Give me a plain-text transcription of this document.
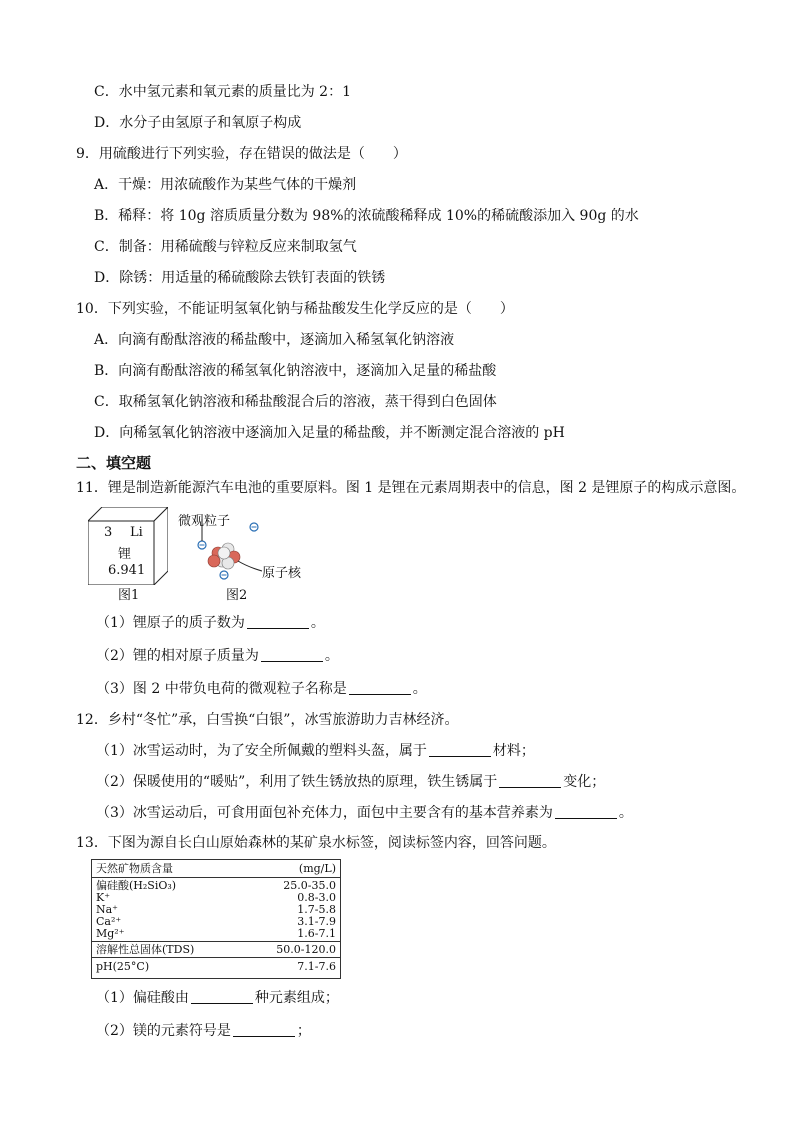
C．水中氢元素和氧元素的质量比为 2：1
D．水分子由氢原子和氧原子构成
9．用硫酸进行下列实验，存在错误的做法是（　　）
A．干燥：用浓硫酸作为某些气体的干燥剂
B．稀释：将 10g 溶质质量分数为 98%的浓硫酸稀释成 10%的稀硫酸添加入 90g 的水
C．制备：用稀硫酸与锌粒反应来制取氢气
D．除锈：用适量的稀硫酸除去铁钉表面的铁锈
10．下列实验，不能证明氢氧化钠与稀盐酸发生化学反应的是（　　）
A．向滴有酚酞溶液的稀盐酸中，逐滴加入稀氢氧化钠溶液
B．向滴有酚酞溶液的稀氢氧化钠溶液中，逐滴加入足量的稀盐酸
C．取稀氢氧化钠溶液和稀盐酸混合后的溶液，蒸干得到白色固体
D．向稀氢氧化钠溶液中逐滴加入足量的稀盐酸，并不断测定混合溶液的 pH
二、填空题
11．锂是制造新能源汽车电池的重要原料。图 1 是锂在元素周期表中的信息，图 2 是锂原子的构成示意图。
3 Li
锂
6.941
图1
微观粒子
原子核
图2
（1）锂原子的质子数为	。
（2）锂的相对原子质量为	。
（3）图 2 中带负电荷的微观粒子名称是	。
12．乡村“冬忙”承，白雪换“白银”，冰雪旅游助力吉林经济。
（1）冰雪运动时，为了安全所佩戴的塑料头盔，属于	材料；
（2）保暖使用的“暖贴”，利用了铁生锈放热的原理，铁生锈属于	变化；
（3）冰雪运动后，可食用面包补充体力，面包中主要含有的基本营养素为	。
13．下图为源自长白山原始森林的某矿泉水标签，阅读标签内容，回答问题。
天然矿物质含量	(mg/L)
偏硅酸(H₂SiO₃)	25.0-35.0
K⁺	0.8-3.0
Na⁺	1.7-5.8
Ca²⁺	3.1-7.9
Mg²⁺	1.6-7.1
溶解性总固体(TDS)	50.0-120.0
pH(25°C)	7.1-7.6
（1）偏硅酸由	种元素组成；
（2）镁的元素符号是	；
